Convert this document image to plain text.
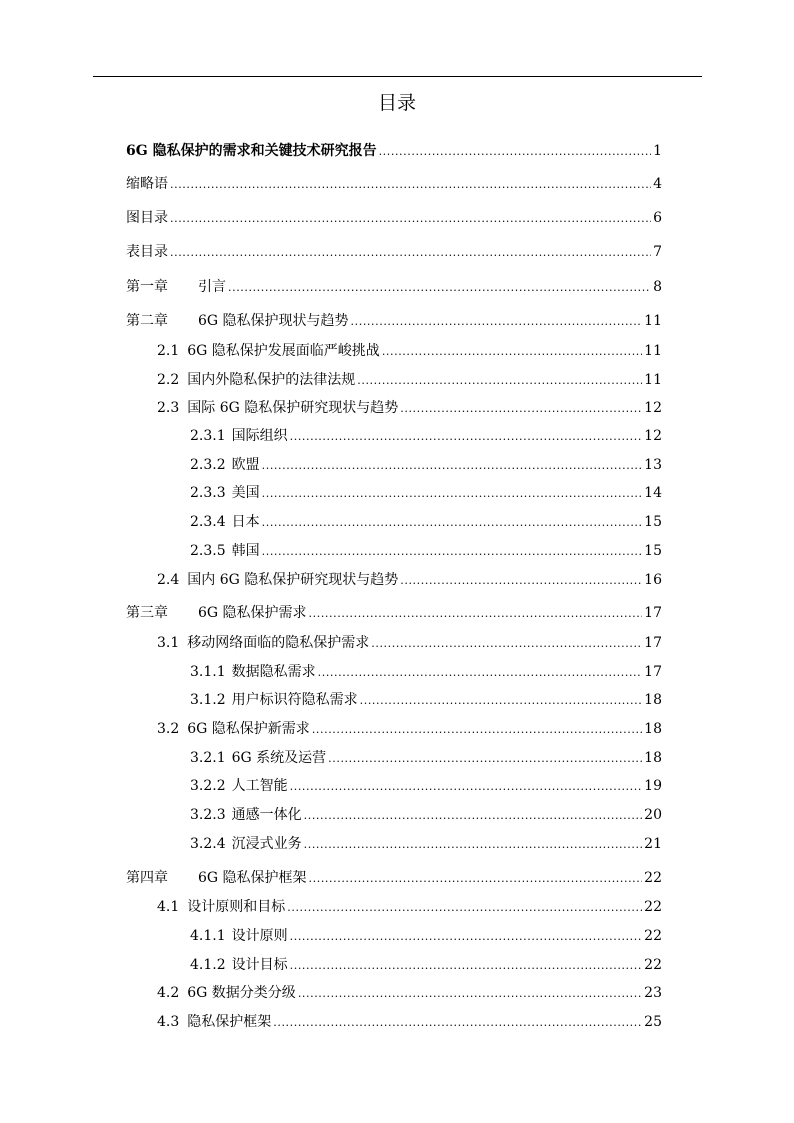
目录
6G 隐私保护的需求和关键技术研究报告 .....	1
缩略语 .....	4
图目录 .....	6
表目录 .....	7
第一章 引言 .....	8
第二章 6G 隐私保护现状与趋势 .....	11
2.1 6G 隐私保护发展面临严峻挑战 .....	11
2.2 国内外隐私保护的法律法规 .....	11
2.3 国际 6G 隐私保护研究现状与趋势 .....	12
2.3.1 国际组织 .....	12
2.3.2 欧盟 .....	13
2.3.3 美国 .....	14
2.3.4 日本 .....	15
2.3.5 韩国 .....	15
2.4 国内 6G 隐私保护研究现状与趋势 .....	16
第三章 6G 隐私保护需求 .....	17
3.1 移动网络面临的隐私保护需求 .....	17
3.1.1 数据隐私需求 .....	17
3.1.2 用户标识符隐私需求 .....	18
3.2 6G 隐私保护新需求 .....	18
3.2.1 6G 系统及运营 .....	18
3.2.2 人工智能 .....	19
3.2.3 通感一体化 .....	20
3.2.4 沉浸式业务 .....	21
第四章 6G 隐私保护框架 .....	22
4.1 设计原则和目标 .....	22
4.1.1 设计原则 .....	22
4.1.2 设计目标 .....	22
4.2 6G 数据分类分级 .....	23
4.3 隐私保护框架 .....	25
